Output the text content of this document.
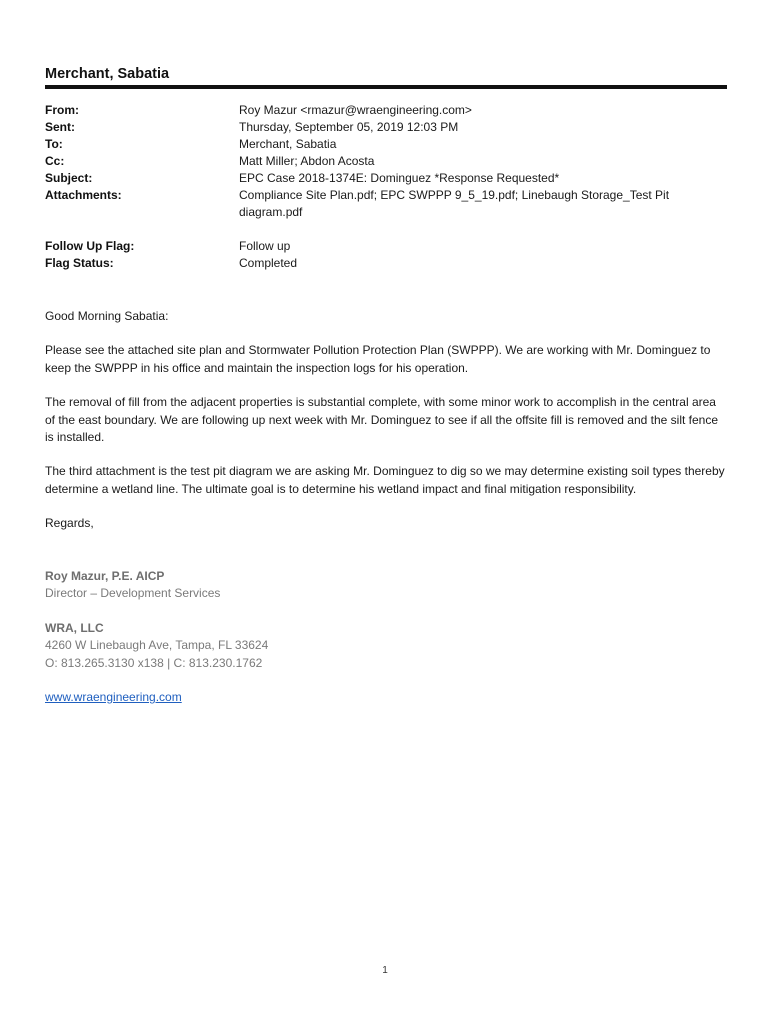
Merchant, Sabatia
From:	Roy Mazur <rmazur@wraengineering.com>
Sent:	Thursday, September 05, 2019 12:03 PM
To:	Merchant, Sabatia
Cc:	Matt Miller; Abdon Acosta
Subject:	EPC Case 2018-1374E: Dominguez *Response Requested*
Attachments:	Compliance Site Plan.pdf; EPC SWPPP 9_5_19.pdf; Linebaugh Storage_Test Pit diagram.pdf
Follow Up Flag:	Follow up
Flag Status:	Completed

Good Morning Sabatia:

Please see the attached site plan and Stormwater Pollution Protection Plan (SWPPP). We are working with Mr. Dominguez to keep the SWPPP in his office and maintain the inspection logs for his operation.

The removal of fill from the adjacent properties is substantial complete, with some minor work to accomplish in the central area of the east boundary. We are following up next week with Mr. Dominguez to see if all the offsite fill is removed and the silt fence is installed.

The third attachment is the test pit diagram we are asking Mr. Dominguez to dig so we may determine existing soil types thereby determine a wetland line. The ultimate goal is to determine his wetland impact and final mitigation responsibility.

Regards,

Roy Mazur, P.E. AICP
Director – Development Services
WRA, LLC
4260 W Linebaugh Ave, Tampa, FL 33624
O: 813.265.3130 x138 | C: 813.230.1762
www.wraengineering.com
1
